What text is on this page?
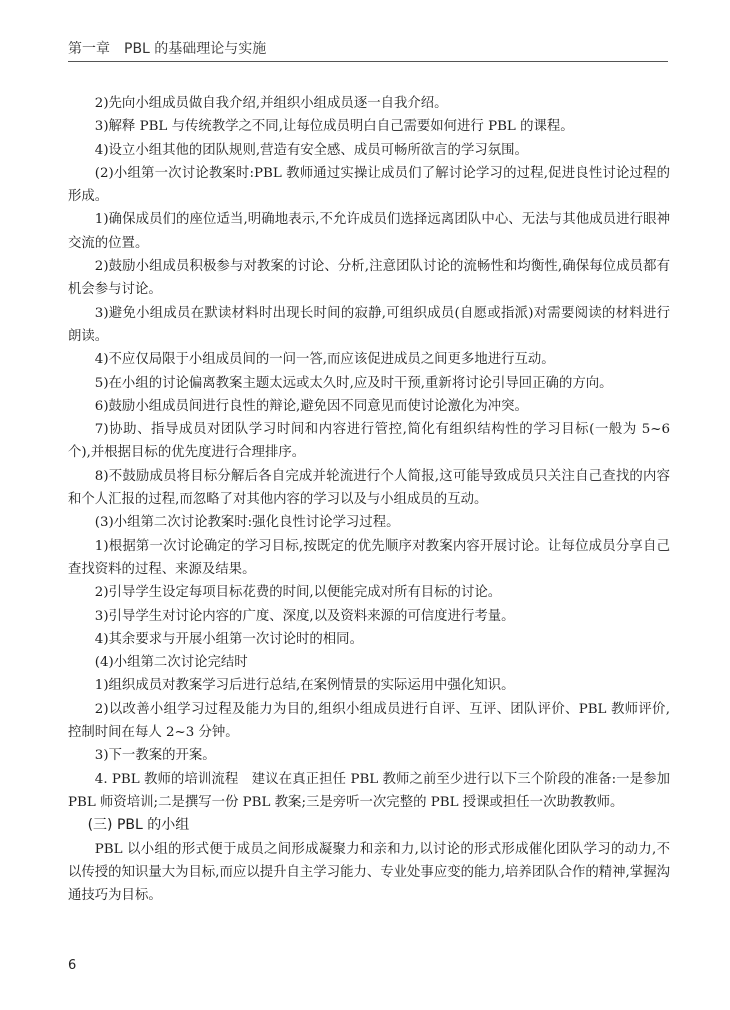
第一章　PBL 的基础理论与实施

2)先向小组成员做自我介绍,并组织小组成员逐一自我介绍。

3)解释 PBL 与传统教学之不同,让每位成员明白自己需要如何进行 PBL 的课程。

4)设立小组其他的团队规则,营造有安全感、成员可畅所欲言的学习氛围。

(2)小组第一次讨论教案时:PBL 教师通过实操让成员们了解讨论学习的过程,促进良性讨论过程的形成。

1)确保成员们的座位适当,明确地表示,不允许成员们选择远离团队中心、无法与其他成员进行眼神交流的位置。

2)鼓励小组成员积极参与对教案的讨论、分析,注意团队讨论的流畅性和均衡性,确保每位成员都有机会参与讨论。

3)避免小组成员在默读材料时出现长时间的寂静,可组织成员(自愿或指派)对需要阅读的材料进行朗读。

4)不应仅局限于小组成员间的一问一答,而应该促进成员之间更多地进行互动。

5)在小组的讨论偏离教案主题太远或太久时,应及时干预,重新将讨论引导回正确的方向。

6)鼓励小组成员间进行良性的辩论,避免因不同意见而使讨论激化为冲突。

7)协助、指导成员对团队学习时间和内容进行管控,简化有组织结构性的学习目标(一般为 5~6 个),并根据目标的优先度进行合理排序。

8)不鼓励成员将目标分解后各自完成并轮流进行个人简报,这可能导致成员只关注自己查找的内容和个人汇报的过程,而忽略了对其他内容的学习以及与小组成员的互动。

(3)小组第二次讨论教案时:强化良性讨论学习过程。

1)根据第一次讨论确定的学习目标,按既定的优先顺序对教案内容开展讨论。让每位成员分享自己查找资料的过程、来源及结果。

2)引导学生设定每项目标花费的时间,以便能完成对所有目标的讨论。

3)引导学生对讨论内容的广度、深度,以及资料来源的可信度进行考量。

4)其余要求与开展小组第一次讨论时的相同。

(4)小组第二次讨论完结时

1)组织成员对教案学习后进行总结,在案例情景的实际运用中强化知识。

2)以改善小组学习过程及能力为目的,组织小组成员进行自评、互评、团队评价、PBL 教师评价,控制时间在每人 2~3 分钟。

3)下一教案的开案。

4. PBL 教师的培训流程　建议在真正担任 PBL 教师之前至少进行以下三个阶段的准备:一是参加 PBL 师资培训;二是撰写一份 PBL 教案;三是旁听一次完整的 PBL 授课或担任一次助教教师。

(三) PBL 的小组

PBL 以小组的形式便于成员之间形成凝聚力和亲和力,以讨论的形式形成催化团队学习的动力,不以传授的知识量大为目标,而应以提升自主学习能力、专业处事应变的能力,培养团队合作的精神,掌握沟通技巧为目标。

6
